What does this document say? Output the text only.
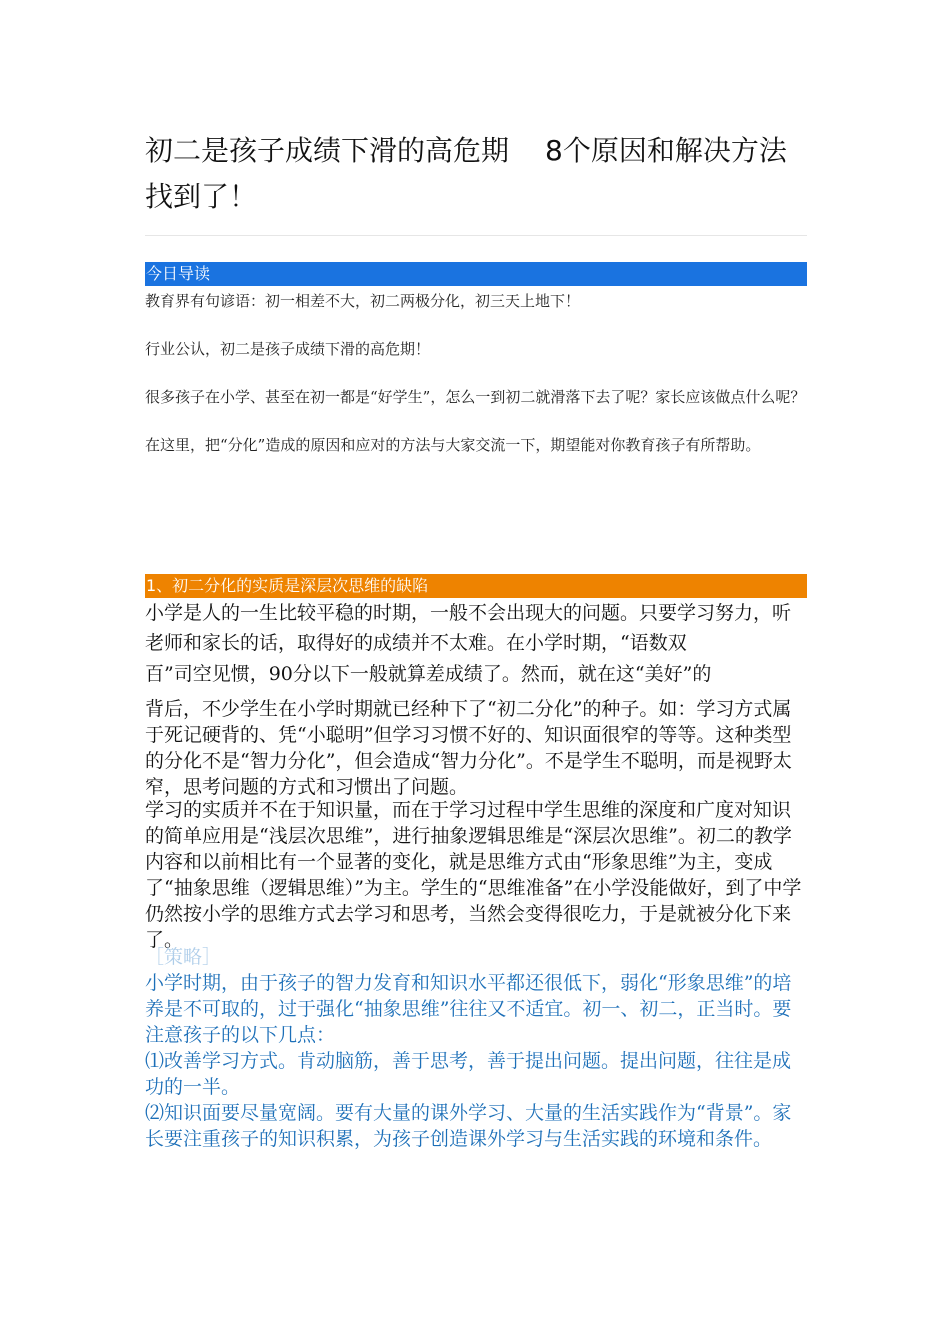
初二是孩子成绩下滑的高危期 8个原因和解决方法找到了！
今日导读

教育界有句谚语：初一相差不大，初二两极分化，初三天上地下！

行业公认，初二是孩子成绩下滑的高危期！

很多孩子在小学、甚至在初一都是“好学生”，怎么一到初二就滑落下去了呢？家长应该做点什么呢？

在这里，把“分化”造成的原因和应对的方法与大家交流一下，期望能对你教育孩子有所帮助。

1、初二分化的实质是深层次思维的缺陷

小学是人的一生比较平稳的时期，一般不会出现大的问题。只要学习努力，听老师和家长的话，取得好的成绩并不太难。在小学时期，“语数双

百”司空见惯，90分以下一般就算差成绩了。然而，就在这“美好”的

背后，不少学生在小学时期就已经种下了“初二分化”的种子。如：学习方式属于死记硬背的、凭“小聪明”但学习习惯不好的、知识面很窄的等等。这种类型的分化不是“智力分化”，但会造成“智力分化”。不是学生不聪明，而是视野太窄，思考问题的方式和习惯出了问题。

学习的实质并不在于知识量，而在于学习过程中学生思维的深度和广度对知识的简单应用是“浅层次思维”，进行抽象逻辑思维是“深层次思维”。初二的教学内容和以前相比有一个显著的变化，就是思维方式由“形象思维”为主，变成了“抽象思维（逻辑思维）”为主。学生的“思维准备”在小学没能做好，到了中学仍然按小学的思维方式去学习和思考，当然会变得很吃力，于是就被分化下来了。

［策略］

小学时期，由于孩子的智力发育和知识水平都还很低下，弱化“形象思维”的培养是不可取的，过于强化“抽象思维”往往又不适宜。初一、初二，正当时。要注意孩子的以下几点：

⑴改善学习方式。肯动脑筋，善于思考，善于提出问题。提出问题，往往是成功的一半。

⑵知识面要尽量宽阔。要有大量的课外学习、大量的生活实践作为“背景”。家长要注重孩子的知识积累，为孩子创造课外学习与生活实践的环境和条件。
